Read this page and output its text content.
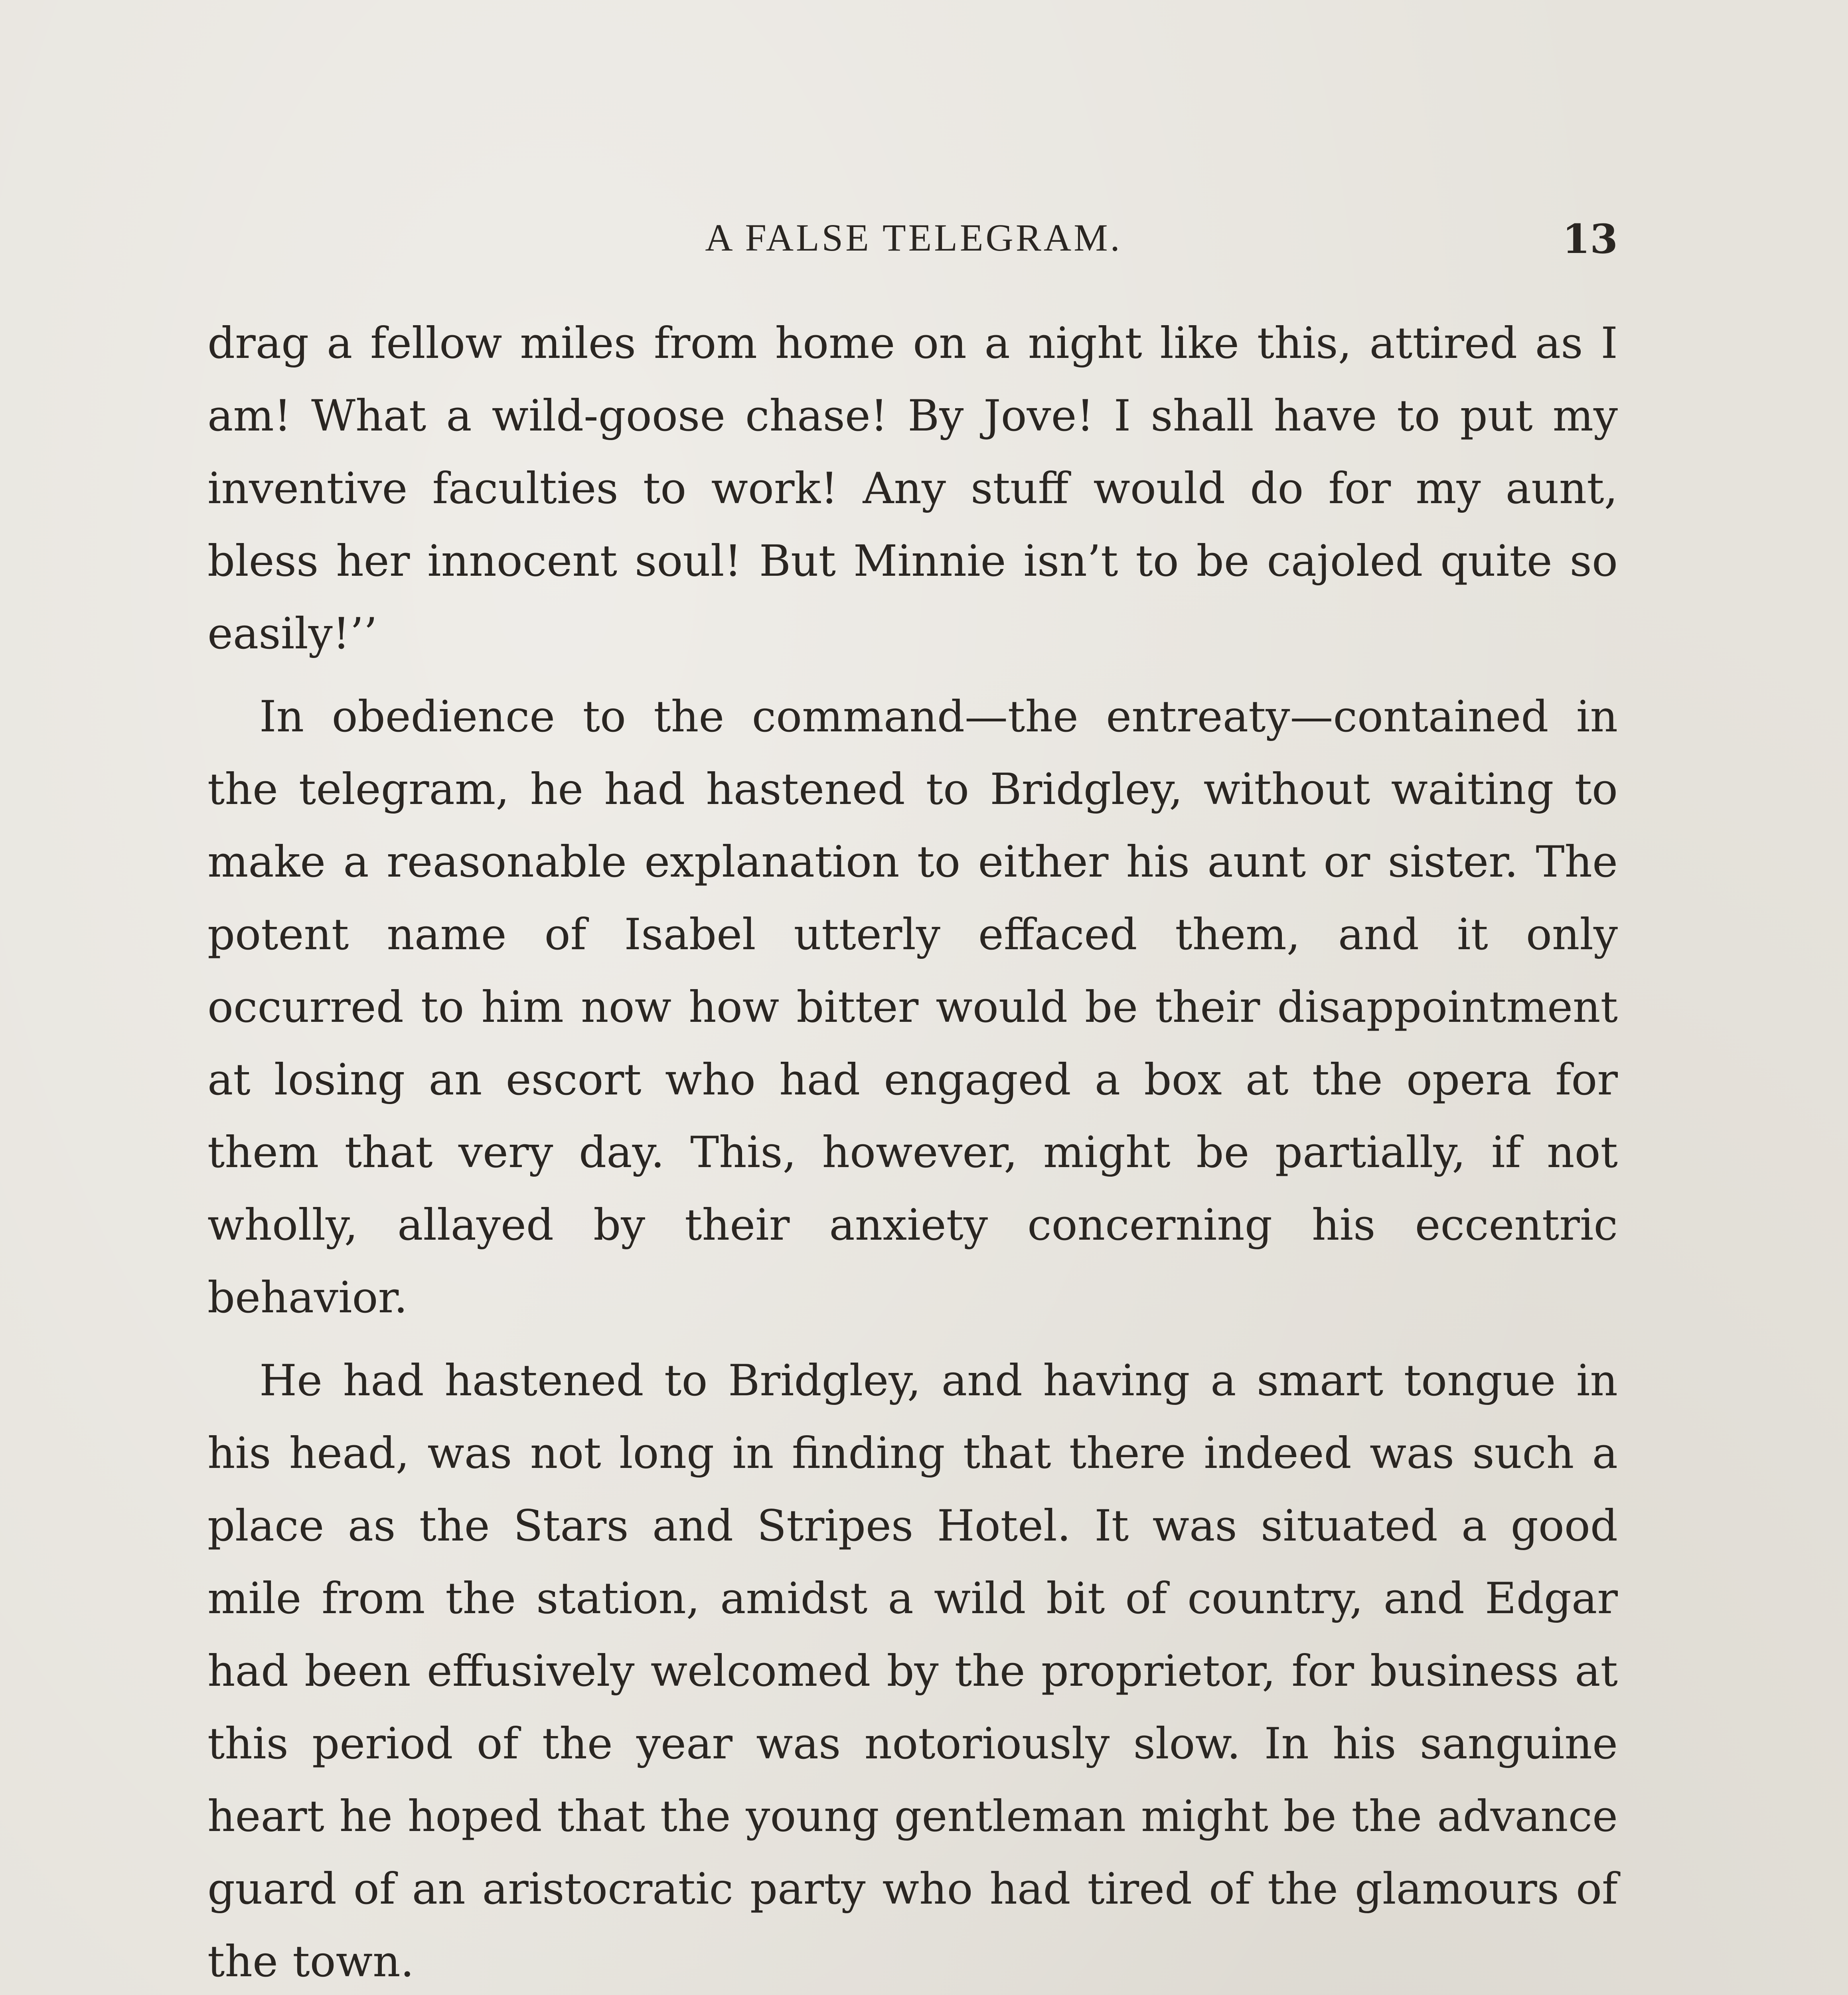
A FALSE TELEGRAM.	13

drag a fellow miles from home on a night like this, attired as I am! What a wild-goose chase! By Jove! I shall have to put my inventive faculties to work! Any stuff would do for my aunt, bless her innocent soul! But Minnie isn’t to be cajoled quite so easily!’’

In obedience to the command—the entreaty—contained in the telegram, he had hastened to Bridgley, without waiting to make a reasonable explanation to either his aunt or sister. The potent name of Isabel utterly effaced them, and it only occurred to him now how bitter would be their disappointment at losing an escort who had engaged a box at the opera for them that very day. This, however, might be partially, if not wholly, allayed by their anxiety concerning his eccentric behavior.

He had hastened to Bridgley, and having a smart tongue in his head, was not long in finding that there indeed was such a place as the Stars and Stripes Hotel. It was situated a good mile from the station, amidst a wild bit of country, and Edgar had been effusively welcomed by the proprietor, for business at this period of the year was notoriously slow. In his sanguine heart he hoped that the young gentleman might be the advance guard of an aristocratic party who had tired of the glamours of the town.
